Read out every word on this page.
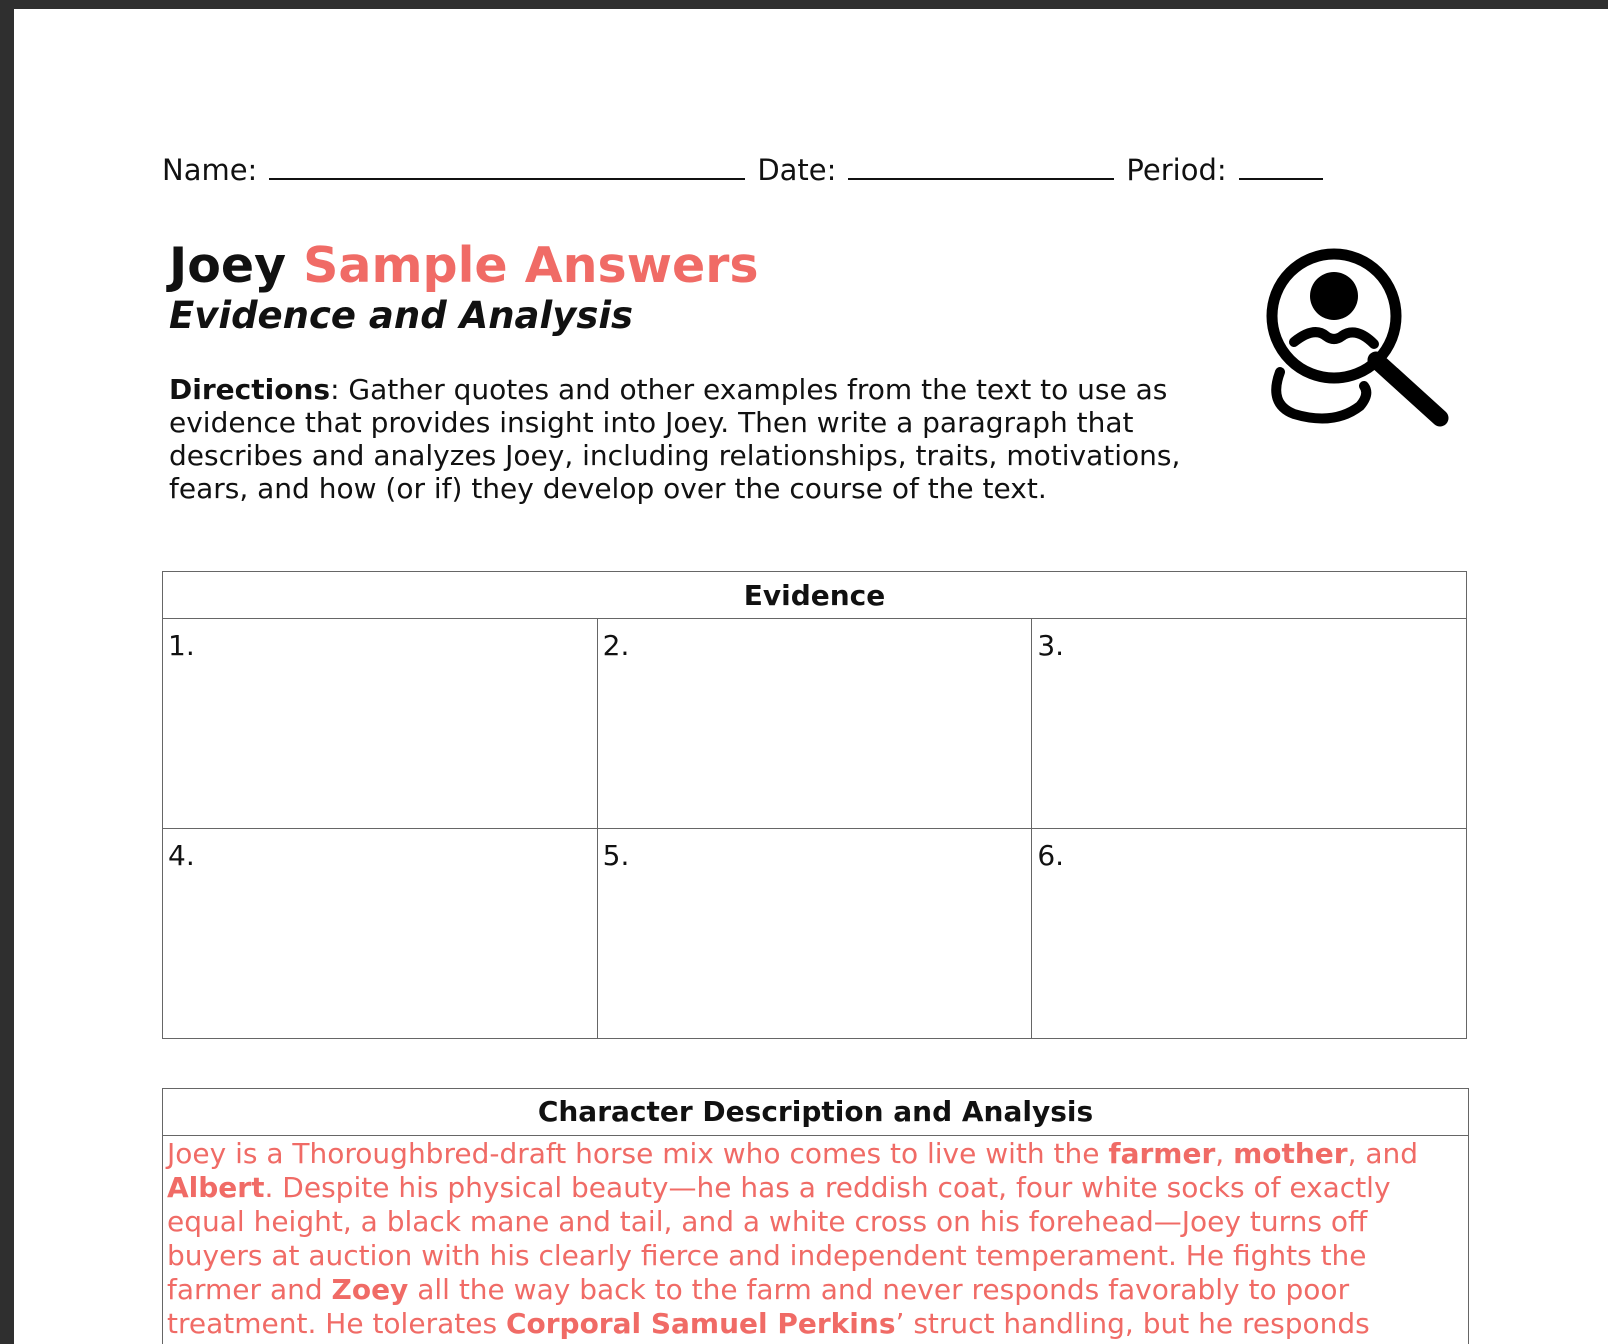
Name:	Date:	Period:
Joey Sample Answers
Evidence and Analysis
Directions: Gather quotes and other examples from the text to use as evidence that provides insight into Joey. Then write a paragraph that describes and analyzes Joey, including relationships, traits, motivations, fears, and how (or if) they develop over the course of the text.
Evidence		
1.	2.	3.
4.	5.	6.
Character Description and Analysis
Joey is a Thoroughbred-draft horse mix who comes to live with the farmer, mother, and Albert. Despite his physical beauty—he has a reddish coat, four white socks of exactly equal height, a black mane and tail, and a white cross on his forehead—Joey turns off buyers at auction with his clearly fierce and independent temperament. He fights the farmer and Zoey all the way back to the farm and never responds favorably to poor treatment. He tolerates Corporal Samuel Perkins’ struct handling, but he responds
